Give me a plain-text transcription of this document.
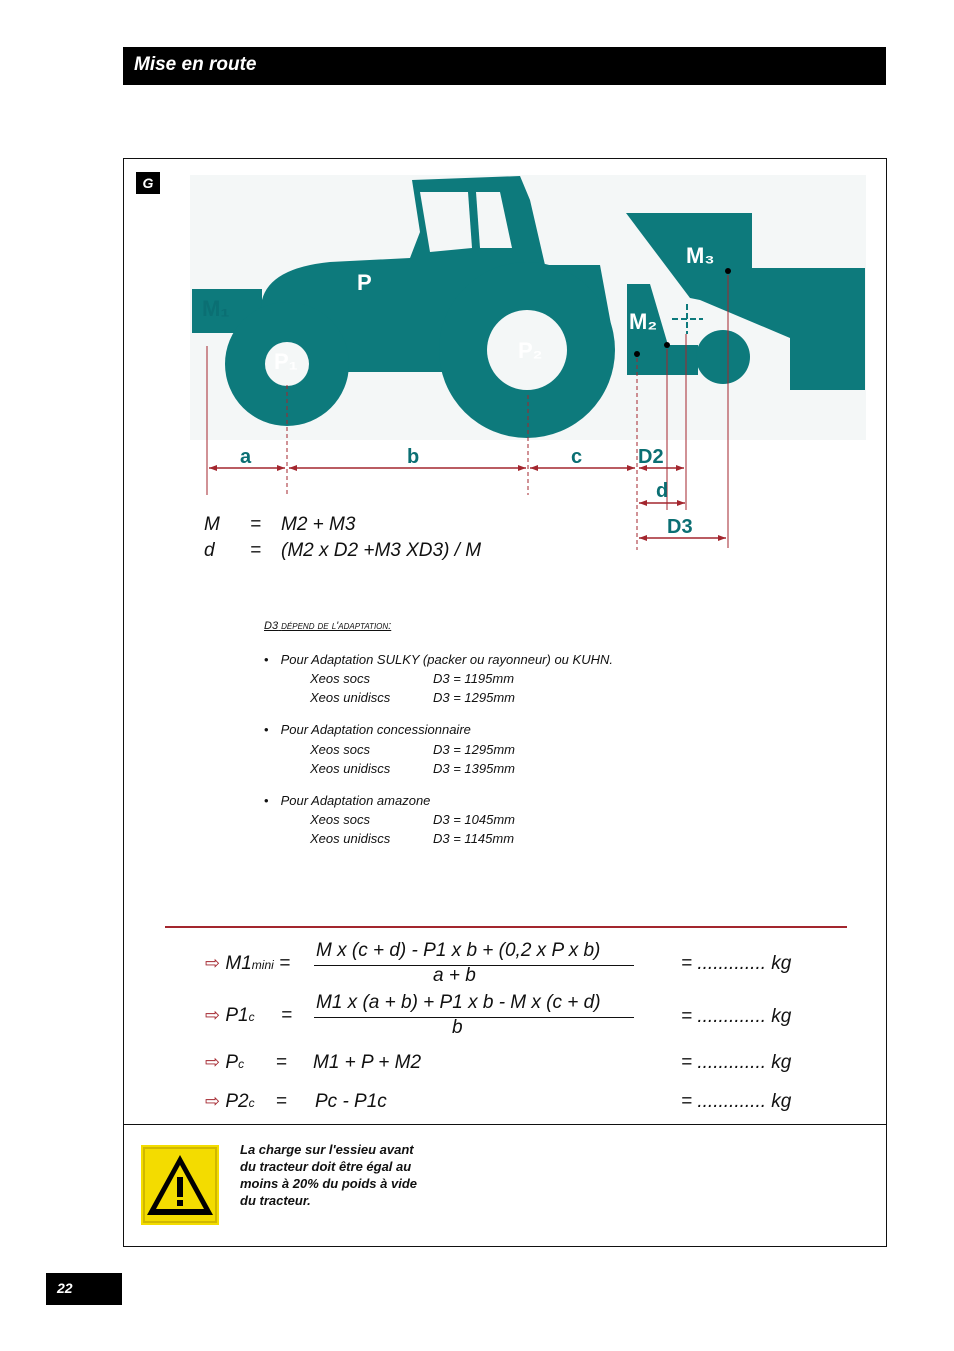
Mise en route
G
M₁
P
P₁	P₂
M₂
M₃
a	b	c	D2
d
D3
M = M2 + M3
d = (M2 x D2 +M3 XD3) / M
D3 dépend de l'adaptation:
• Pour Adaptation SULKY (packer ou rayonneur) ou KUHN.
Xeos socs	D3 = 1195mm
Xeos unidiscs	D3 = 1295mm
• Pour Adaptation concessionnaire
Xeos socs	D3 = 1295mm
Xeos unidiscs	D3 = 1395mm
• Pour Adaptation amazone
Xeos socs	D3 = 1045mm
Xeos unidiscs	D3 = 1145mm
⇨ M1mini =
M x (c + d) - P1 x b + (0,2 x P x b)
a + b
= ............. kg
⇨ P1c =
M1 x (a + b) + P1 x b - M x (c + d)
b
= ............. kg
⇨ Pc = M1 + P + M2	= ............. kg
⇨ P2c = Pc - P1c	= ............. kg
La charge sur l'essieu avant du tracteur doit être égal au moins à 20% du poids à vide du tracteur.
22
